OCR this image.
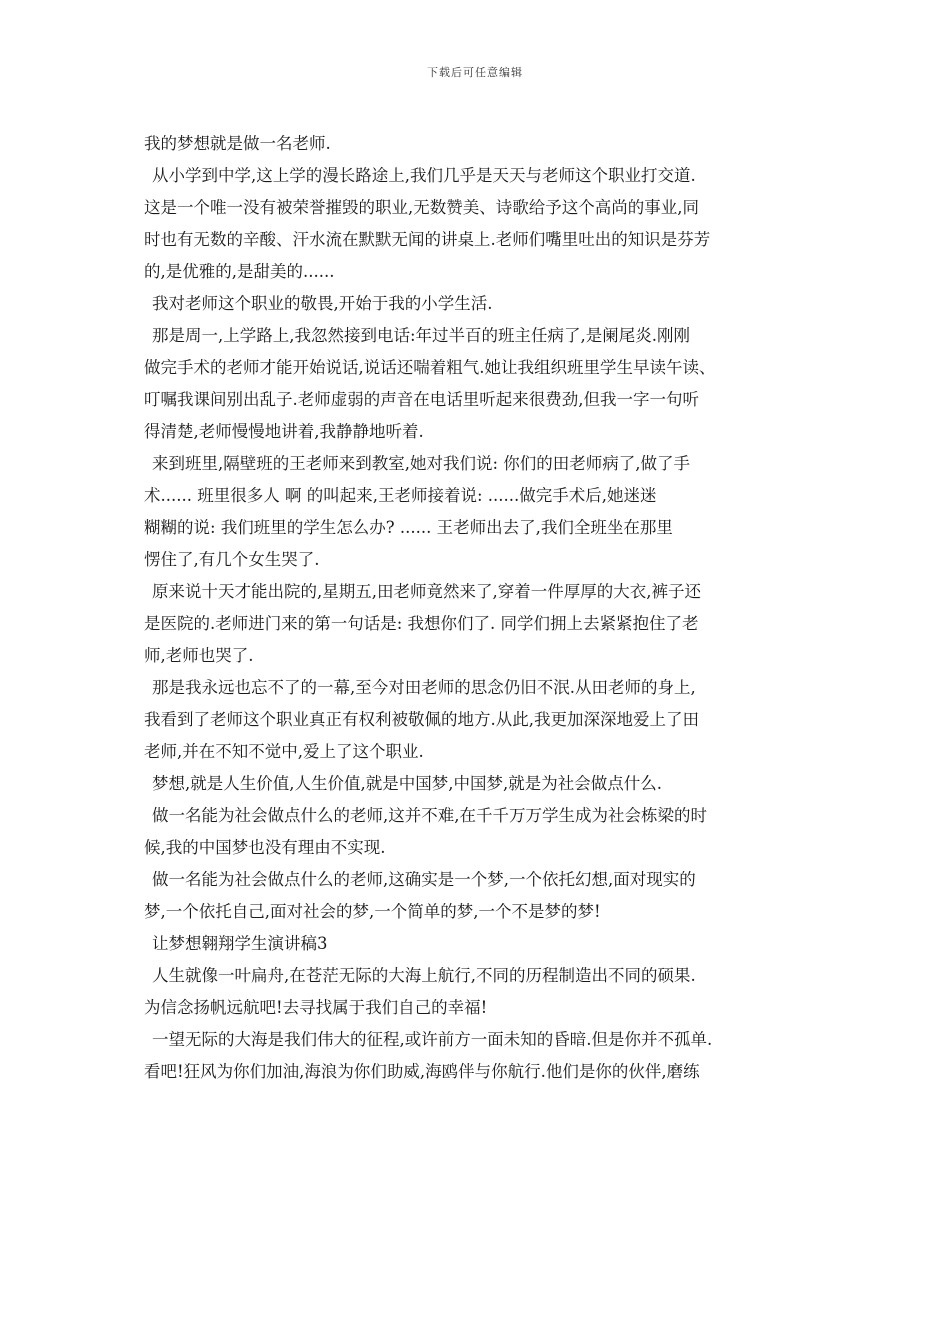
下载后可任意编辑
我的梦想就是做一名老师.
从小学到中学,这上学的漫长路途上,我们几乎是天天与老师这个职业打交道.
这是一个唯一没有被荣誉摧毁的职业,无数赞美、诗歌给予这个高尚的事业,同
时也有无数的辛酸、汗水流在默默无闻的讲桌上.老师们嘴里吐出的知识是芬芳
的,是优雅的,是甜美的......
我对老师这个职业的敬畏,开始于我的小学生活.
那是周一,上学路上,我忽然接到电话:年过半百的班主任病了,是阑尾炎.刚刚
做完手术的老师才能开始说话,说话还喘着粗气.她让我组织班里学生早读午读、
叮嘱我课间别出乱子.老师虚弱的声音在电话里听起来很费劲,但我一字一句听
得清楚,老师慢慢地讲着,我静静地听着.
来到班里,隔壁班的王老师来到教室,她对我们说: 你们的田老师病了,做了手
术...... 班里很多人 啊 的叫起来,王老师接着说: ......做完手术后,她迷迷
糊糊的说: 我们班里的学生怎么办? ...... 王老师出去了,我们全班坐在那里
愣住了,有几个女生哭了.
原来说十天才能出院的,星期五,田老师竟然来了,穿着一件厚厚的大衣,裤子还
是医院的.老师进门来的第一句话是: 我想你们了. 同学们拥上去紧紧抱住了老
师,老师也哭了.
那是我永远也忘不了的一幕,至今对田老师的思念仍旧不泯.从田老师的身上,
我看到了老师这个职业真正有权利被敬佩的地方.从此,我更加深深地爱上了田
老师,并在不知不觉中,爱上了这个职业.
梦想,就是人生价值,人生价值,就是中国梦,中国梦,就是为社会做点什么.
做一名能为社会做点什么的老师,这并不难,在千千万万学生成为社会栋梁的时
候,我的中国梦也没有理由不实现.
做一名能为社会做点什么的老师,这确实是一个梦,一个依托幻想,面对现实的
梦,一个依托自己,面对社会的梦,一个简单的梦,一个不是梦的梦!
让梦想翱翔学生演讲稿3
人生就像一叶扁舟,在苍茫无际的大海上航行,不同的历程制造出不同的硕果.
为信念扬帆远航吧!去寻找属于我们自己的幸福!
一望无际的大海是我们伟大的征程,或许前方一面未知的昏暗.但是你并不孤单.
看吧!狂风为你们加油,海浪为你们助威,海鸥伴与你航行.他们是你的伙伴,磨练
